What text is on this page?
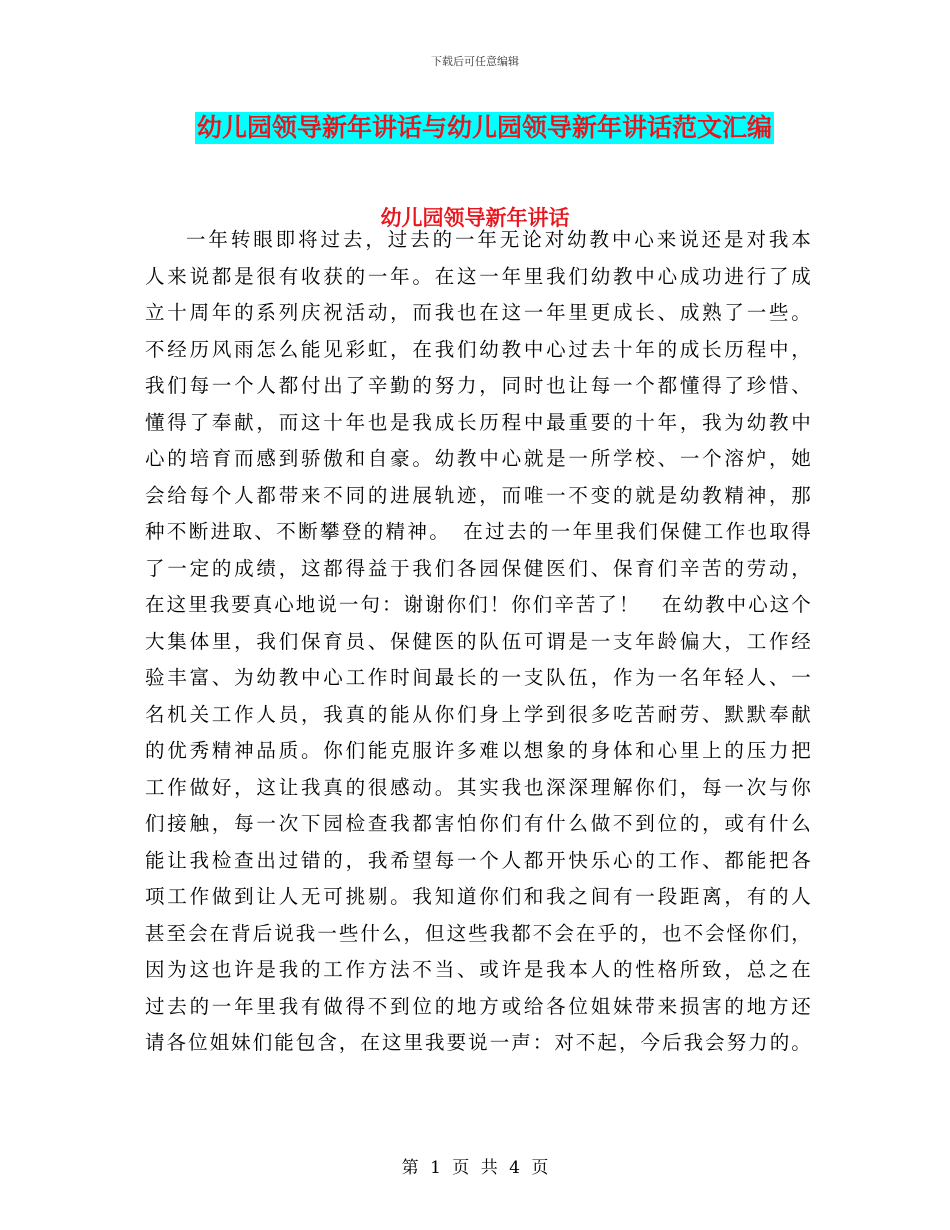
下载后可任意编辑
幼儿园领导新年讲话与幼儿园领导新年讲话范文汇编
幼儿园领导新年讲话
一年转眼即将过去，过去的一年无论对幼教中心来说还是对我本
人来说都是很有收获的一年。在这一年里我们幼教中心成功进行了成
立十周年的系列庆祝活动，而我也在这一年里更成长、成熟了一些。
不经历风雨怎么能见彩虹，在我们幼教中心过去十年的成长历程中，
我们每一个人都付出了辛勤的努力，同时也让每一个都懂得了珍惜、
懂得了奉献，而这十年也是我成长历程中最重要的十年，我为幼教中
心的培育而感到骄傲和自豪。幼教中心就是一所学校、一个溶炉，她
会给每个人都带来不同的进展轨迹，而唯一不变的就是幼教精神，那
种不断进取、不断攀登的精神。　在过去的一年里我们保健工作也取得
了一定的成绩，这都得益于我们各园保健医们、保育们辛苦的劳动，
在这里我要真心地说一句：谢谢你们！你们辛苦了！　在幼教中心这个
大集体里，我们保育员、保健医的队伍可谓是一支年龄偏大，工作经
验丰富、为幼教中心工作时间最长的一支队伍，作为一名年轻人、一
名机关工作人员，我真的能从你们身上学到很多吃苦耐劳、默默奉献
的优秀精神品质。你们能克服许多难以想象的身体和心里上的压力把
工作做好，这让我真的很感动。其实我也深深理解你们，每一次与你
们接触，每一次下园检查我都害怕你们有什么做不到位的，或有什么
能让我检查出过错的，我希望每一个人都开快乐心的工作、都能把各
项工作做到让人无可挑剔。我知道你们和我之间有一段距离，有的人
甚至会在背后说我一些什么，但这些我都不会在乎的，也不会怪你们，
因为这也许是我的工作方法不当、或许是我本人的性格所致，总之在
过去的一年里我有做得不到位的地方或给各位姐妹带来损害的地方还
请各位姐妹们能包含，在这里我要说一声：对不起，今后我会努力的。
第 1 页 共 4 页
